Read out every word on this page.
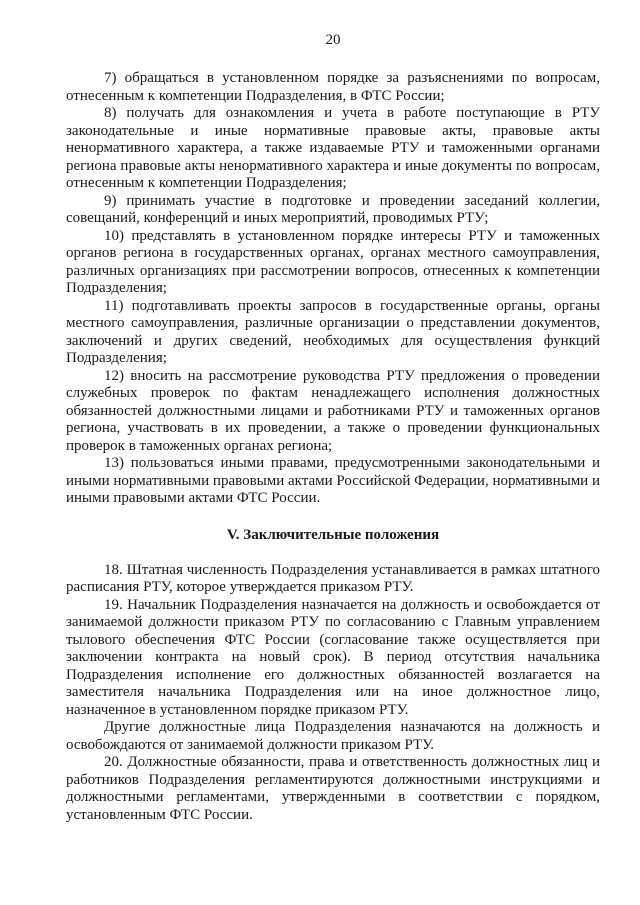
20

7) обращаться в установленном порядке за разъяснениями по вопросам, отнесенным к компетенции Подразделения, в ФТС России;

8) получать для ознакомления и учета в работе поступающие в РТУ законодательные и иные нормативные правовые акты, правовые акты ненормативного характера, а также издаваемые РТУ и таможенными органами региона правовые акты ненормативного характера и иные документы по вопросам, отнесенным к компетенции Подразделения;

9) принимать участие в подготовке и проведении заседаний коллегии, совещаний, конференций и иных мероприятий, проводимых РТУ;

10) представлять в установленном порядке интересы РТУ и таможенных органов региона в государственных органах, органах местного самоуправления, различных организациях при рассмотрении вопросов, отнесенных к компетенции Подразделения;

11) подготавливать проекты запросов в государственные органы, органы местного самоуправления, различные организации о представлении документов, заключений и других сведений, необходимых для осуществления функций Подразделения;

12) вносить на рассмотрение руководства РТУ предложения о проведении служебных проверок по фактам ненадлежащего исполнения должностных обязанностей должностными лицами и работниками РТУ и таможенных органов региона, участвовать в их проведении, а также о проведении функциональных проверок в таможенных органах региона;

13) пользоваться иными правами, предусмотренными законодательными и иными нормативными правовыми актами Российской Федерации, нормативными и иными правовыми актами ФТС России.

V. Заключительные положения

18. Штатная численность Подразделения устанавливается в рамках штатного расписания РТУ, которое утверждается приказом РТУ.

19. Начальник Подразделения назначается на должность и освобождается от занимаемой должности приказом РТУ по согласованию с Главным управлением тылового обеспечения ФТС России (согласование также осуществляется при заключении контракта на новый срок). В период отсутствия начальника Подразделения исполнение его должностных обязанностей возлагается на заместителя начальника Подразделения или на иное должностное лицо, назначенное в установленном порядке приказом РТУ.

Другие должностные лица Подразделения назначаются на должность и освобождаются от занимаемой должности приказом РТУ.

20. Должностные обязанности, права и ответственность должностных лиц и работников Подразделения регламентируются должностными инструкциями и должностными регламентами, утвержденными в соответствии с порядком, установленным ФТС России.
